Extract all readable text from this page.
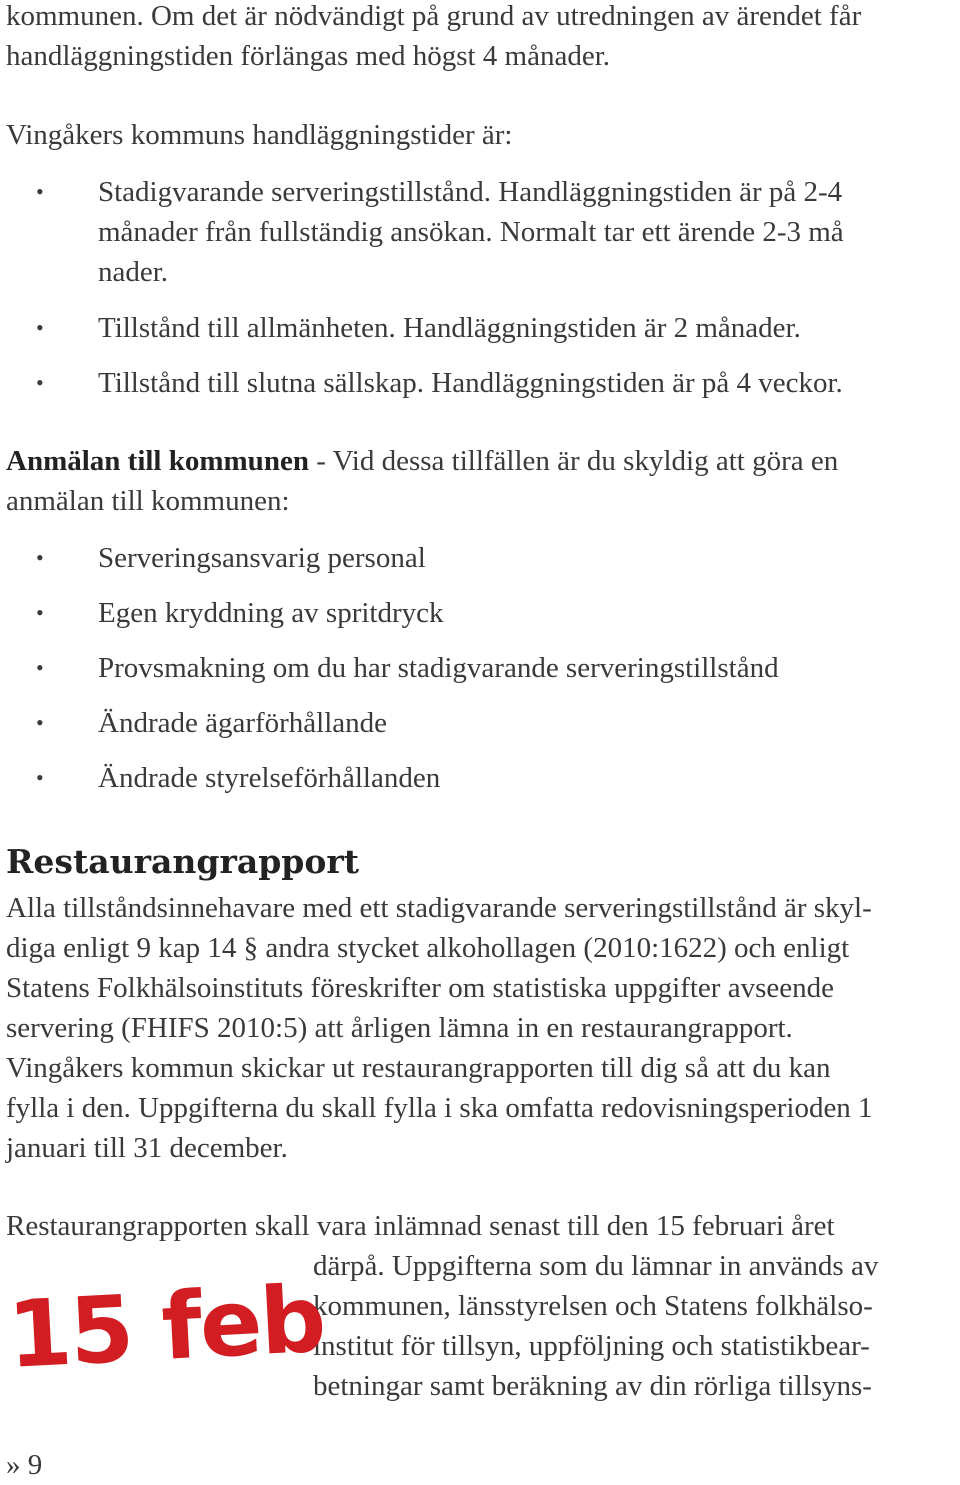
kommunen. Om det är nödvändigt på grund av utredningen av ärendet får
handläggningstiden förlängas med högst 4 månader.
Vingåkers kommuns handläggningstider är:
• Stadigvarande serveringstillstånd. Handläggningstiden är på 2-4
månader från fullständig ansökan. Normalt tar ett ärende 2-3 må
nader.
• Tillstånd till allmänheten. Handläggningstiden är 2 månader.
• Tillstånd till slutna sällskap. Handläggningstiden är på 4 veckor.
Anmälan till kommunen - Vid dessa tillfällen är du skyldig att göra en
anmälan till kommunen:
• Serveringsansvarig personal
• Egen kryddning av spritdryck
• Provsmakning om du har stadigvarande serveringstillstånd
• Ändrade ägarförhållande
• Ändrade styrelseförhållanden
Restaurangrapport
Alla tillståndsinnehavare med ett stadigvarande serveringstillstånd är skyl-
diga enligt 9 kap 14 § andra stycket alkohollagen (2010:1622) och enligt
Statens Folkhälsoinstituts föreskrifter om statistiska uppgifter avseende
servering (FHIFS 2010:5) att årligen lämna in en restaurangrapport.
Vingåkers kommun skickar ut restaurangrapporten till dig så att du kan
fylla i den. Uppgifterna du skall fylla i ska omfatta redovisningsperioden 1
januari till 31 december.
Restaurangrapporten skall vara inlämnad senast till den 15 februari året
därpå. Uppgifterna som du lämnar in används av
kommunen, länsstyrelsen och Statens folkhälso-
institut för tillsyn, uppföljning och statistikbear-
betningar samt beräkning av din rörliga tillsyns-
15 feb
» 9
